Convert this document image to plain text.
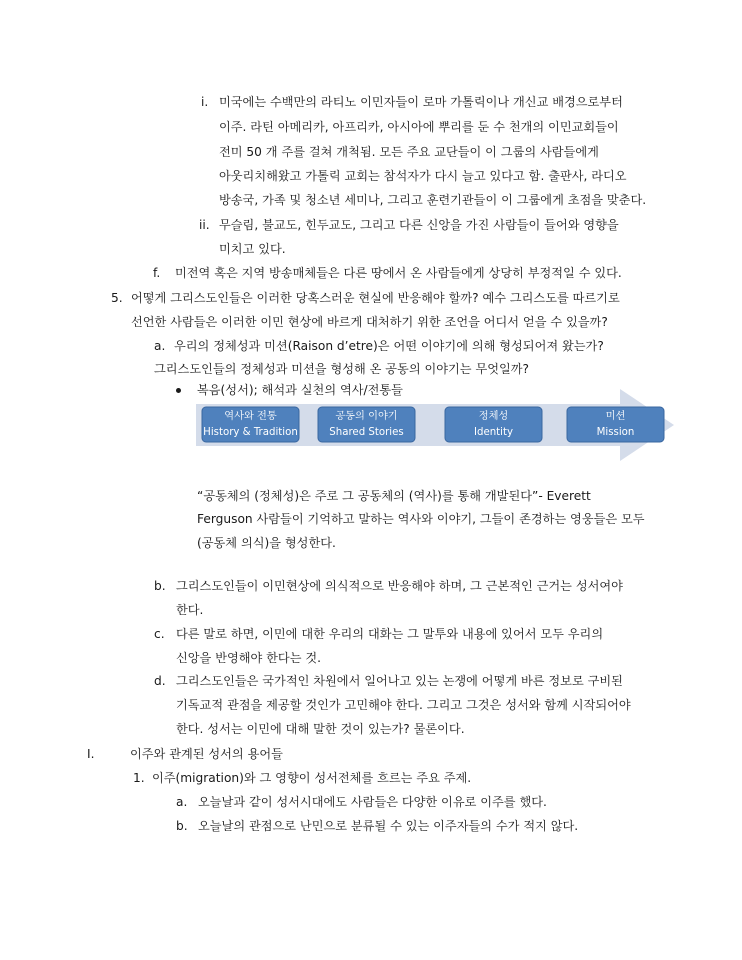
i. 미국에는 수백만의 라티노 이민자들이 로마 가톨릭이나 개신교 배경으로부터
이주. 라틴 아메리카, 아프리카, 아시아에 뿌리를 둔 수 천개의 이민교회들이
전미 50 개 주를 걸쳐 개척됨. 모든 주요 교단들이 이 그룹의 사람들에게
아웃리치해왔고 가톨릭 교회는 참석자가 다시 늘고 있다고 함. 출판사, 라디오
방송국, 가족 및 청소년 세미나, 그리고 훈련기관들이 이 그룹에게 초점을 맞춘다.
ii. 무슬림, 불교도, 힌두교도, 그리고 다른 신앙을 가진 사람들이 들어와 영향을
미치고 있다.
f. 미전역 혹은 지역 방송매체들은 다른 땅에서 온 사람들에게 상당히 부정적일 수 있다.
5. 어떻게 그리스도인들은 이러한 당혹스러운 현실에 반응해야 할까? 예수 그리스도를 따르기로
선언한 사람들은 이러한 이민 현상에 바르게 대처하기 위한 조언을 어디서 얻을 수 있을까?
a. 우리의 정체성과 미션(Raison d’etre)은 어떤 이야기에 의해 형성되어져 왔는가?
그리스도인들의 정체성과 미션을 형성해 온 공동의 이야기는 무엇일까?
복음(성서); 해석과 실천의 역사/전통들
역사와 전통
History & Tradition
공동의 이야기
Shared Stories
정체성
Identity
미션
Mission
“공동체의 (정체성)은 주로 그 공동체의 (역사)를 통해 개발된다”- Everett
Ferguson 사람들이 기억하고 말하는 역사와 이야기, 그들이 존경하는 영웅들은 모두
(공동체 의식)을 형성한다.
b. 그리스도인들이 이민현상에 의식적으로 반응해야 하며, 그 근본적인 근거는 성서여야
한다.
c. 다른 말로 하면, 이민에 대한 우리의 대화는 그 말투와 내용에 있어서 모두 우리의
신앙을 반영해야 한다는 것.
d. 그리스도인들은 국가적인 차원에서 일어나고 있는 논쟁에 어떻게 바른 정보로 구비된
기독교적 관점을 제공할 것인가 고민해야 한다. 그리고 그것은 성서와 함께 시작되어야
한다. 성서는 이민에 대해 말한 것이 있는가? 물론이다.
I.	이주와 관계된 성서의 용어들
1. 이주(migration)와 그 영향이 성서전체를 흐르는 주요 주제.
a. 오늘날과 같이 성서시대에도 사람들은 다양한 이유로 이주를 했다.
b. 오늘날의 관점으로 난민으로 분류될 수 있는 이주자들의 수가 적지 않다.
